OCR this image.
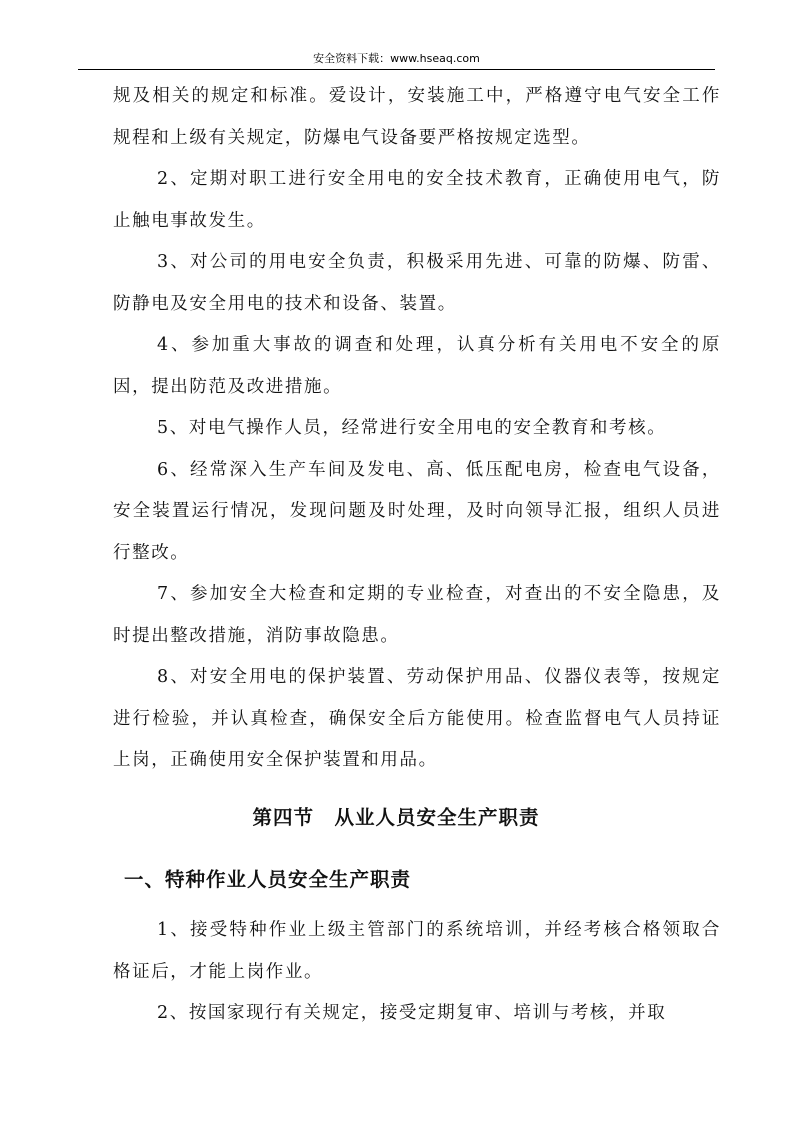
安全资料下载：www.hseaq.com

规及相关的规定和标准。爱设计，安装施工中，严格遵守电气安全工作规程和上级有关规定，防爆电气设备要严格按规定选型。

2、定期对职工进行安全用电的安全技术教育，正确使用电气，防止触电事故发生。

3、对公司的用电安全负责，积极采用先进、可靠的防爆、防雷、防静电及安全用电的技术和设备、装置。

4、参加重大事故的调查和处理，认真分析有关用电不安全的原因，提出防范及改进措施。

5、对电气操作人员，经常进行安全用电的安全教育和考核。

6、经常深入生产车间及发电、高、低压配电房，检查电气设备，安全装置运行情况，发现问题及时处理，及时向领导汇报，组织人员进行整改。

7、参加安全大检查和定期的专业检查，对查出的不安全隐患，及时提出整改措施，消防事故隐患。

8、对安全用电的保护装置、劳动保护用品、仪器仪表等，按规定进行检验，并认真检查，确保安全后方能使用。检查监督电气人员持证上岗，正确使用安全保护装置和用品。

第四节　从业人员安全生产职责
一、特种作业人员安全生产职责

1、接受特种作业上级主管部门的系统培训，并经考核合格领取合格证后，才能上岗作业。

2、按国家现行有关规定，接受定期复审、培训与考核，并取
